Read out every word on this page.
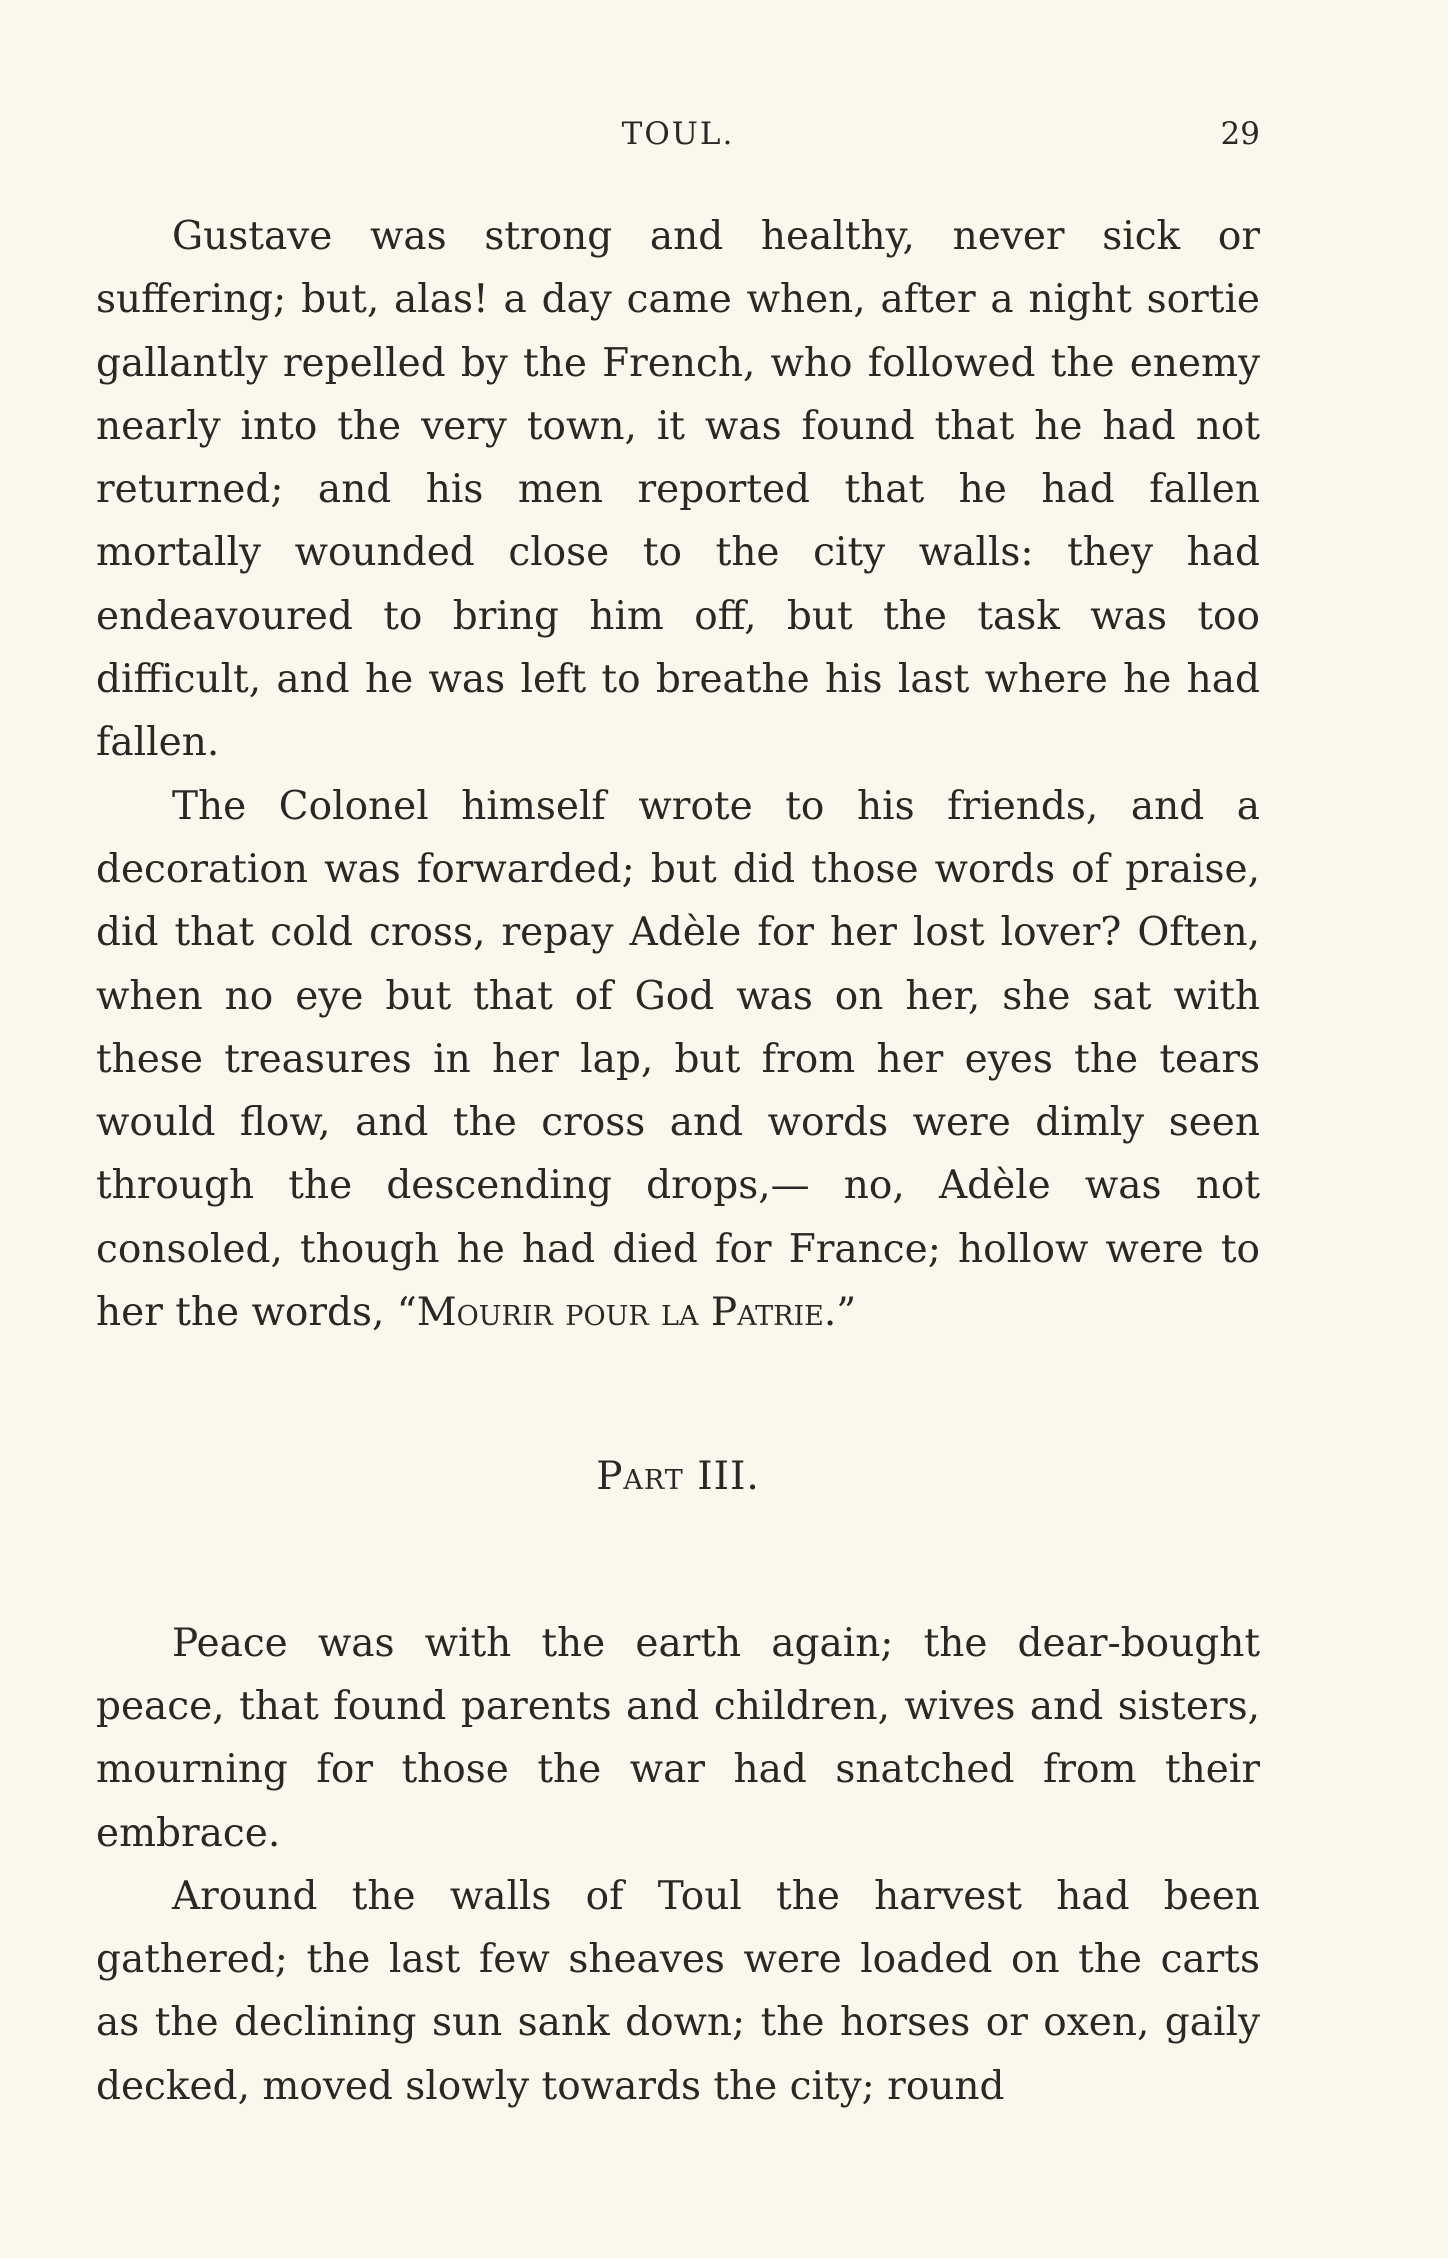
TOUL.	29

Gustave was strong and healthy, never sick or suffering; but, alas! a day came when, after a night sortie gallantly repelled by the French, who followed the enemy nearly into the very town, it was found that he had not returned; and his men reported that he had fallen mortally wounded close to the city walls: they had endeavoured to bring him off, but the task was too difficult, and he was left to breathe his last where he had fallen.

The Colonel himself wrote to his friends, and a decoration was forwarded; but did those words of praise, did that cold cross, repay Adèle for her lost lover? Often, when no eye but that of God was on her, she sat with these treasures in her lap, but from her eyes the tears would flow, and the cross and words were dimly seen through the descending drops,— no, Adèle was not consoled, though he had died for France; hollow were to her the words, “Mourir pour la Patrie.”

Part III.

Peace was with the earth again; the dear-bought peace, that found parents and children, wives and sisters, mourning for those the war had snatched from their embrace.

Around the walls of Toul the harvest had been gathered; the last few sheaves were loaded on the carts as the declining sun sank down; the horses or oxen, gaily decked, moved slowly towards the city; round
